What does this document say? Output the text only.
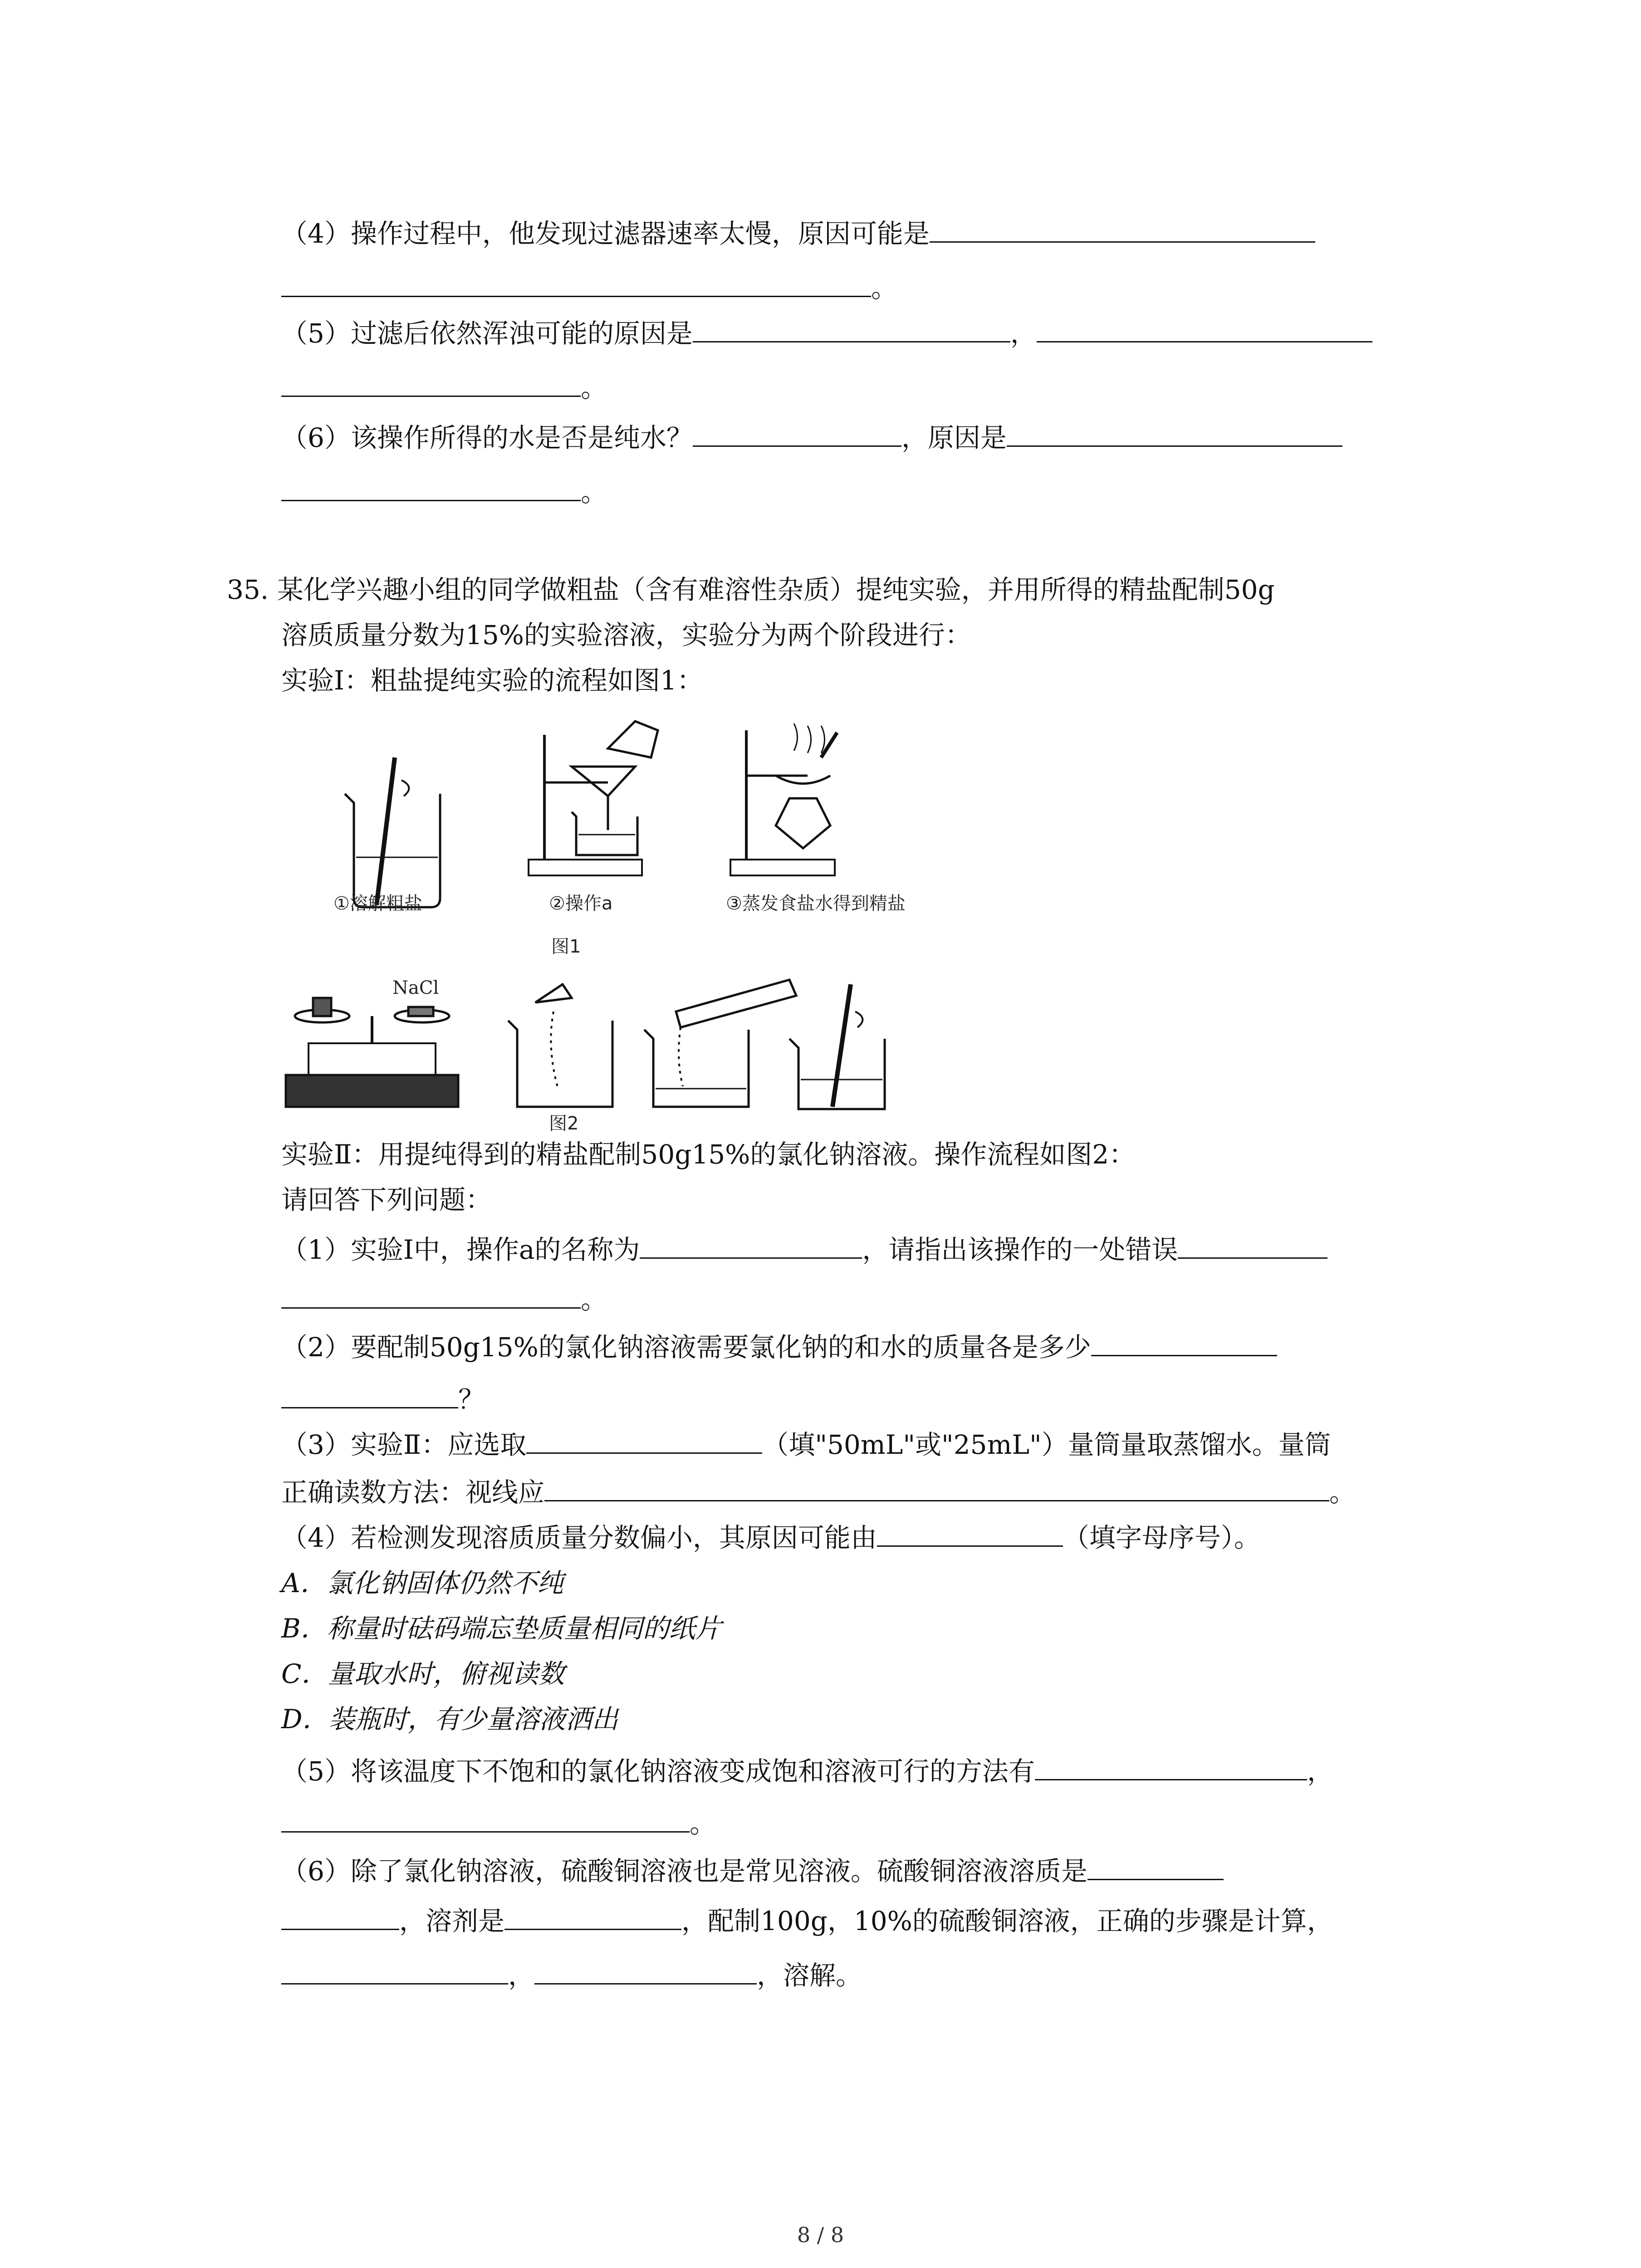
（4）操作过程中，他发现过滤器速率太慢，原因可能是
。
（5）过滤后依然浑浊可能的原因是	，
。
（6）该操作所得的水是否是纯水？	，原因是
。
35. 某化学兴趣小组的同学做粗盐（含有难溶性杂质）提纯实验，并用所得的精盐配制50g
溶质质量分数为15%的实验溶液，实验分为两个阶段进行：
实验I：粗盐提纯实验的流程如图1：
①溶解粗盐	②操作a	③蒸发食盐水得到精盐
图1
NaCl
图2
实验Ⅱ：用提纯得到的精盐配制50g15%的氯化钠溶液。操作流程如图2：
请回答下列问题：
（1）实验I中，操作a的名称为	，请指出该操作的一处错误
。
（2）要配制50g15%的氯化钠溶液需要氯化钠的和水的质量各是多少
？
（3）实验Ⅱ：应选取	（填"50mL"或"25mL"）量筒量取蒸馏水。量筒
正确读数方法：视线应	。
（4）若检测发现溶质质量分数偏小，其原因可能由	（填字母序号）。
A．氯化钠固体仍然不纯
B．称量时砝码端忘垫质量相同的纸片
C．量取水时，俯视读数
D．装瓶时，有少量溶液洒出
（5）将该温度下不饱和的氯化钠溶液变成饱和溶液可行的方法有	，
。
（6）除了氯化钠溶液，硫酸铜溶液也是常见溶液。硫酸铜溶液溶质是
，溶剂是	，配制100g，10%的硫酸铜溶液，正确的步骤是计算，
，	，溶解。
8 / 8
